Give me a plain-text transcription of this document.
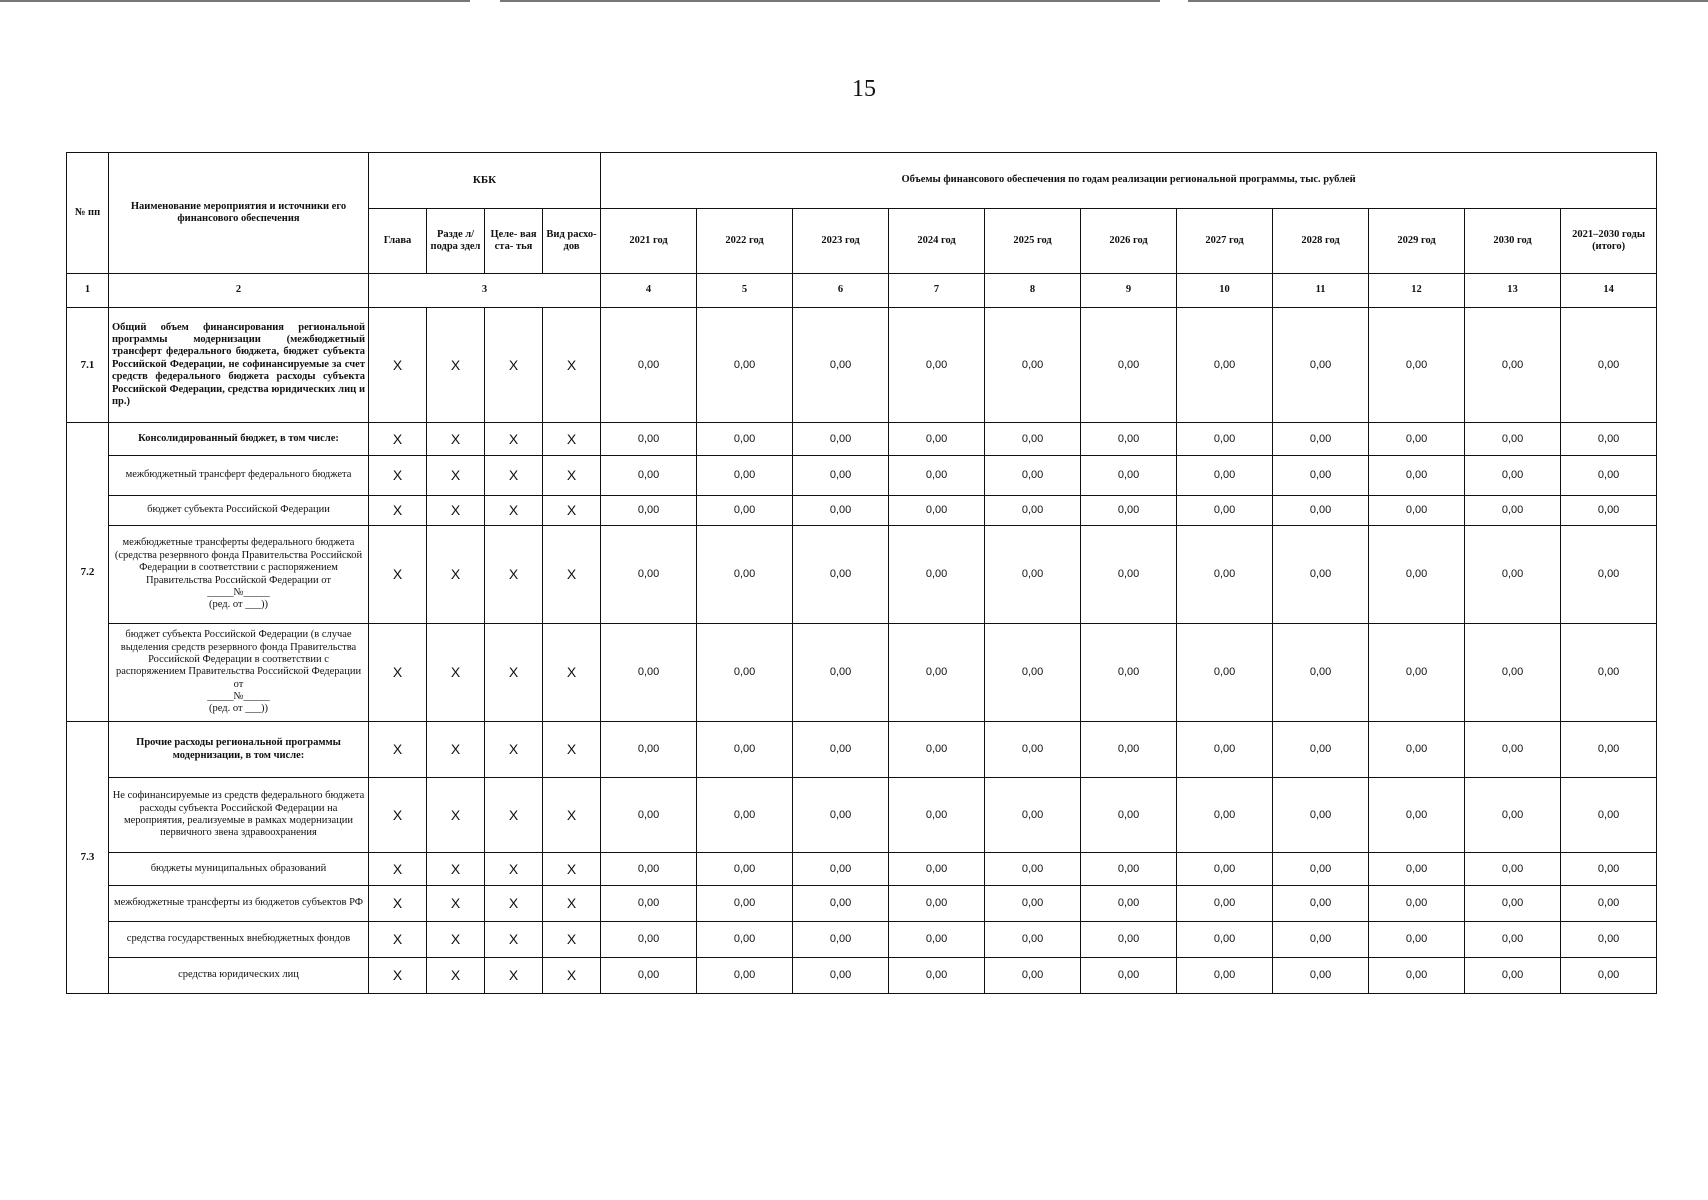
15
№ пп	Наименование мероприятия и источники его финансового обеспечения	КБК				Объемы финансового обеспечения по годам реализации региональной программы, тыс. рублей										
		Глава	Разде л/ подра здел	Целе- вая ста- тья	Вид расхо- дов	2021 год	2022 год	2023 год	2024 год	2025 год	2026 год	2027 год	2028 год	2029 год	2030 год	2021–2030 годы (итого)
1	2	3				4	5	6	7	8	9	10	11	12	13	14
7.1	Общий объем финансирования региональной программы модернизации (межбюджетный трансферт федерального бюджета, бюджет субъекта Российской Федерации, не софинансируемые за счет средств федерального бюджета расходы субъекта Российской Федерации, средства юридических лиц и пр.)	Х	Х	Х	Х	0,00	0,00	0,00	0,00	0,00	0,00	0,00	0,00	0,00	0,00	0,00
7.2	Консолидированный бюджет, в том числе:	Х	Х	Х	Х	0,00	0,00	0,00	0,00	0,00	0,00	0,00	0,00	0,00	0,00	0,00
	межбюджетный трансферт федерального бюджета	Х	Х	Х	Х	0,00	0,00	0,00	0,00	0,00	0,00	0,00	0,00	0,00	0,00	0,00
	бюджет субъекта Российской Федерации	Х	Х	Х	Х	0,00	0,00	0,00	0,00	0,00	0,00	0,00	0,00	0,00	0,00	0,00
	межбюджетные трансферты федерального бюджета (средства резервного фонда Правительства Российской Федерации в соответствии с распоряжением Правительства Российской Федерации от
_____№_____
(ред. от ___))	Х	Х	Х	Х	0,00	0,00	0,00	0,00	0,00	0,00	0,00	0,00	0,00	0,00	0,00
	бюджет субъекта Российской Федерации (в случае выделения средств резервного фонда Правительства Российской Федерации в соответствии с распоряжением Правительства Российской Федерации от
_____№_____
(ред. от ___))	Х	Х	Х	Х	0,00	0,00	0,00	0,00	0,00	0,00	0,00	0,00	0,00	0,00	0,00
7.3	Прочие расходы региональной программы модернизации, в том числе:	Х	Х	Х	Х	0,00	0,00	0,00	0,00	0,00	0,00	0,00	0,00	0,00	0,00	0,00
	Не софинансируемые из средств федерального бюджета расходы субъекта Российской Федерации на мероприятия, реализуемые в рамках модернизации первичного звена здравоохранения	Х	Х	Х	Х	0,00	0,00	0,00	0,00	0,00	0,00	0,00	0,00	0,00	0,00	0,00
	бюджеты муниципальных образований	Х	Х	Х	Х	0,00	0,00	0,00	0,00	0,00	0,00	0,00	0,00	0,00	0,00	0,00
	межбюджетные трансферты из бюджетов субъектов РФ	Х	Х	Х	Х	0,00	0,00	0,00	0,00	0,00	0,00	0,00	0,00	0,00	0,00	0,00
	средства государственных внебюджетных фондов	Х	Х	Х	Х	0,00	0,00	0,00	0,00	0,00	0,00	0,00	0,00	0,00	0,00	0,00
	средства юридических лиц	Х	Х	Х	Х	0,00	0,00	0,00	0,00	0,00	0,00	0,00	0,00	0,00	0,00	0,00
